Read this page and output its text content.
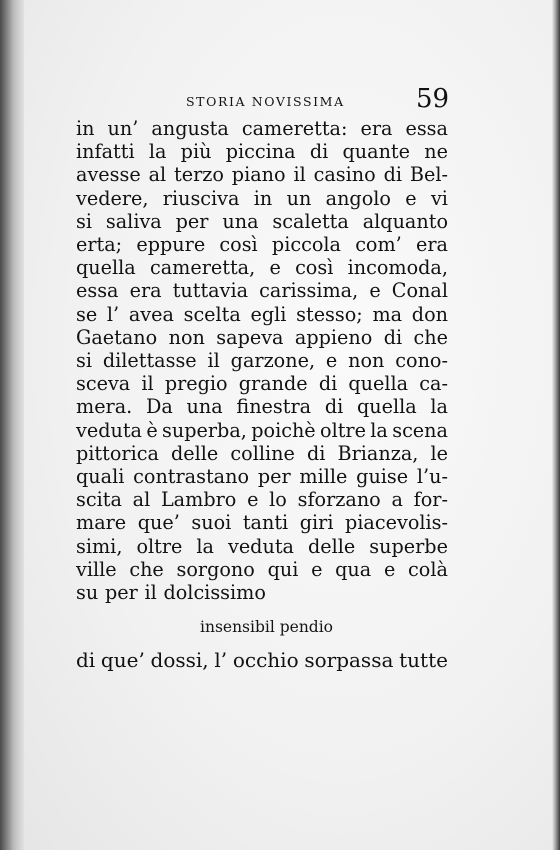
STORIA NOVISSIMA	59
in un’ angusta cameretta: era essa
infatti la più piccina di quante ne
avesse al terzo piano il casino di Bel-
vedere, riusciva in un angolo e vi
si saliva per una scaletta alquanto
erta; eppure così piccola com’ era
quella cameretta, e così incomoda,
essa era tuttavia carissima, e Conal
se l’ avea scelta egli stesso; ma don
Gaetano non sapeva appieno di che
si dilettasse il garzone, e non cono-
sceva il pregio grande di quella ca-
mera. Da una finestra di quella la
veduta è superba, poichè oltre la scena
pittorica delle colline di Brianza, le
quali contrastano per mille guise l’u-
scita al Lambro e lo sforzano a for-
mare que’ suoi tanti giri piacevolis-
simi, oltre la veduta delle superbe
ville che sorgono qui e qua e colà
su per il dolcissimo
insensibil pendio
di que’ dossi, l’ occhio sorpassa tutte
